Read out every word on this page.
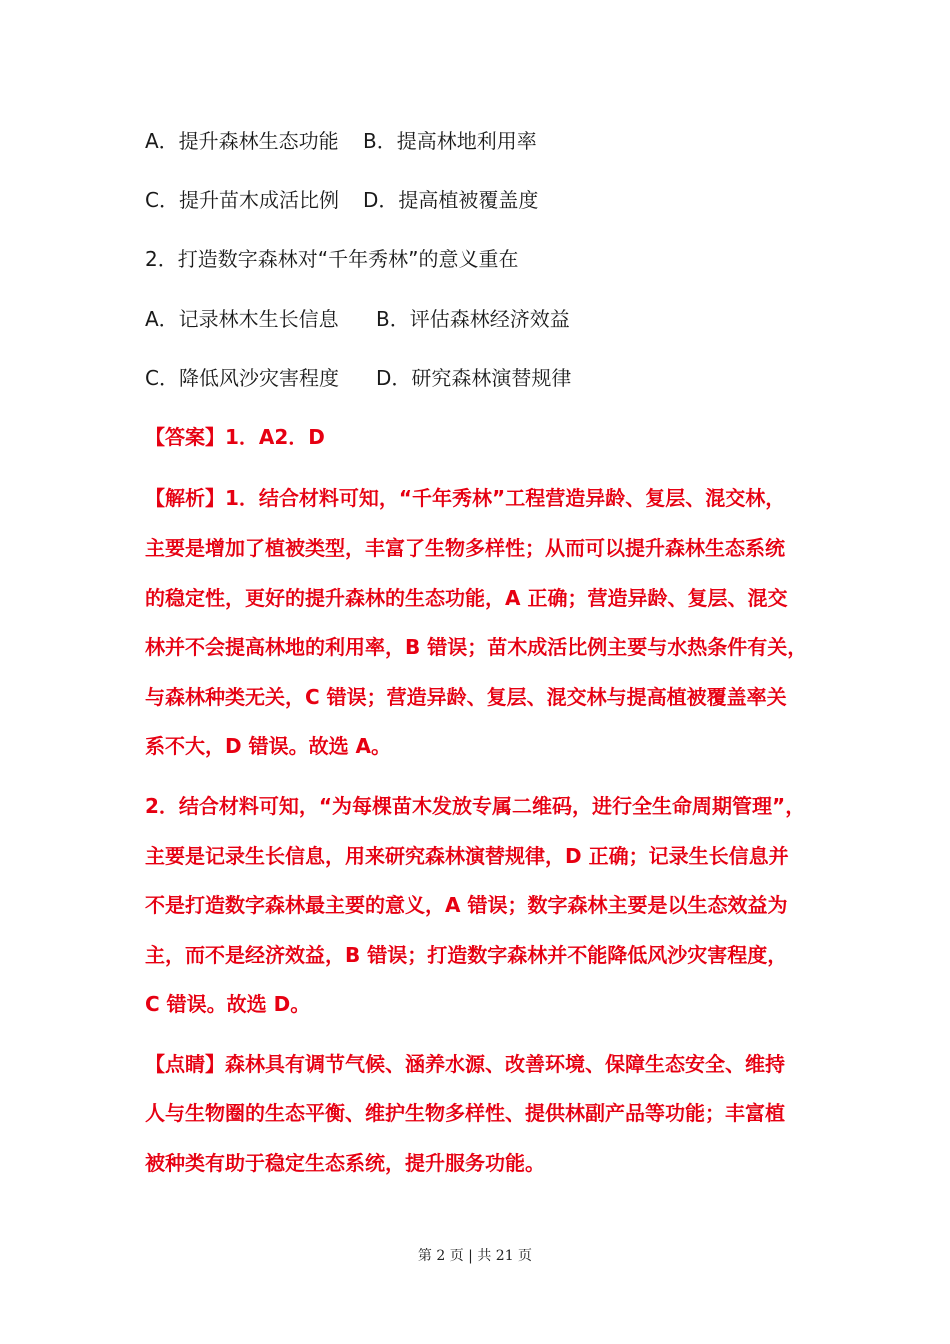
A．提升森林生态功能 B．提高林地利用率
C．提升苗木成活比例 D．提高植被覆盖度
2．打造数字森林对“千年秀林”的意义重在
A．记录林木生长信息 B．评估森林经济效益
C．降低风沙灾害程度 D．研究森林演替规律
【答案】1．A2．D
【解析】1．结合材料可知，“千年秀林”工程营造异龄、复层、混交林，
主要是增加了植被类型，丰富了生物多样性；从而可以提升森林生态系统
的稳定性，更好的提升森林的生态功能，A 正确；营造异龄、复层、混交
林并不会提高林地的利用率，B 错误；苗木成活比例主要与水热条件有关，
与森林种类无关，C 错误；营造异龄、复层、混交林与提高植被覆盖率关
系不大，D 错误。故选 A。
2．结合材料可知，“为每棵苗木发放专属二维码，进行全生命周期管理”，
主要是记录生长信息，用来研究森林演替规律，D 正确；记录生长信息并
不是打造数字森林最主要的意义，A 错误；数字森林主要是以生态效益为
主，而不是经济效益，B 错误；打造数字森林并不能降低风沙灾害程度，
C 错误。故选 D。
【点睛】森林具有调节气候、涵养水源、改善环境、保障生态安全、维持
人与生物圈的生态平衡、维护生物多样性、提供林副产品等功能；丰富植
被种类有助于稳定生态系统，提升服务功能。
第 2 页 | 共 21 页
